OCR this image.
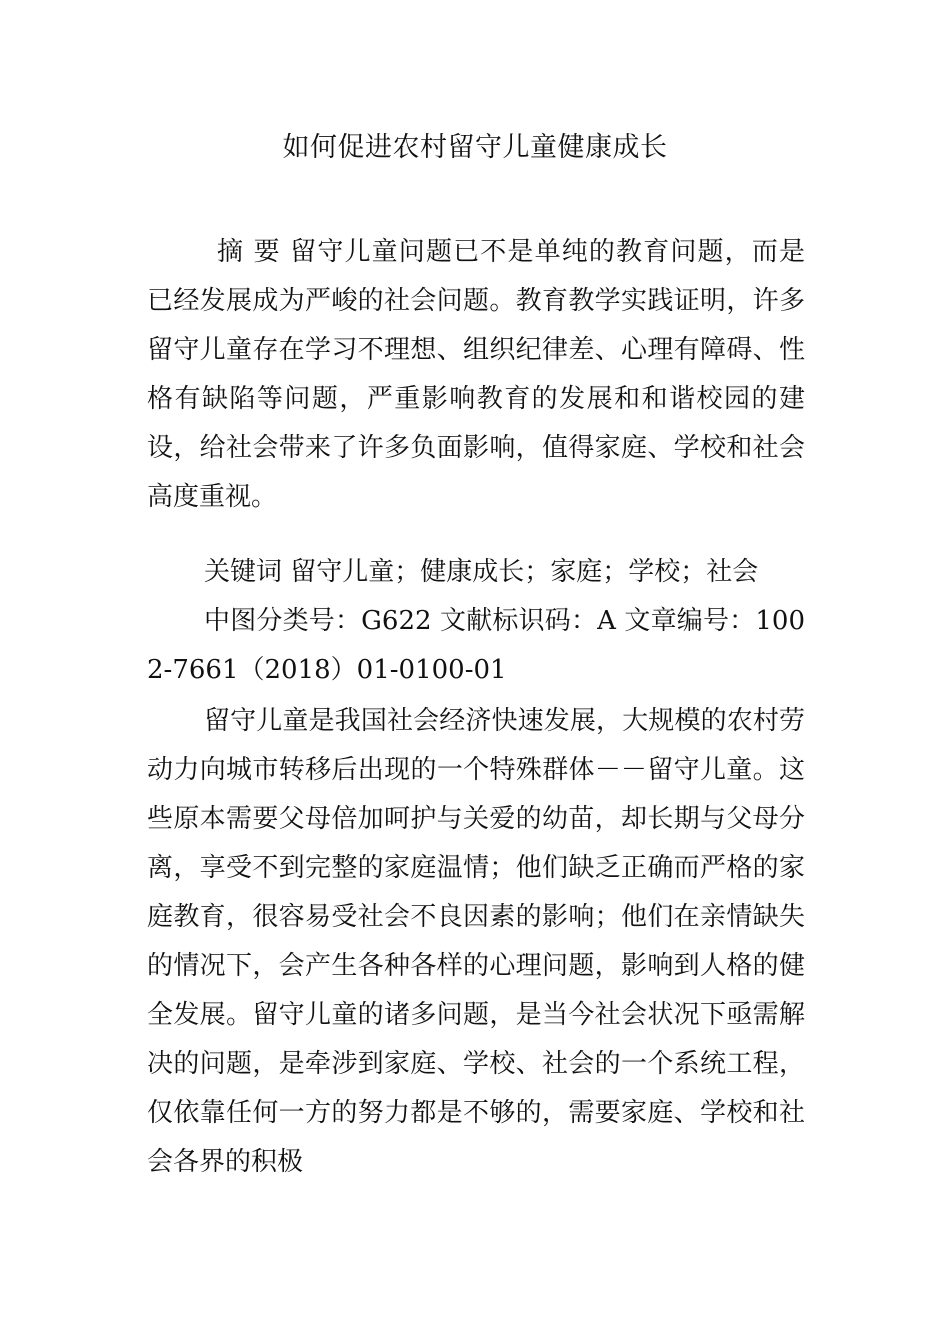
如何促进农村留守儿童健康成长
摘 要 留守儿童问题已不是单纯的教育问题，而是已经发展成为严峻的社会问题。教育教学实践证明，许多留守儿童存在学习不理想、组织纪律差、心理有障碍、性格有缺陷等问题，严重影响教育的发展和和谐校园的建设，给社会带来了许多负面影响，值得家庭、学校和社会高度重视。
关键词 留守儿童；健康成长；家庭；学校；社会
中图分类号：G622 文献标识码：A 文章编号：1002-7661（2018）01-0100-01
留守儿童是我国社会经济快速发展，大规模的农村劳动力向城市转移后出现的一个特殊群体－－留守儿童。这些原本需要父母倍加呵护与关爱的幼苗，却长期与父母分离，享受不到完整的家庭温情；他们缺乏正确而严格的家庭教育，很容易受社会不良因素的影响；他们在亲情缺失的情况下，会产生各种各样的心理问题，影响到人格的健全发展。留守儿童的诸多问题，是当今社会状况下亟需解决的问题，是牵涉到家庭、学校、社会的一个系统工程，仅依靠任何一方的努力都是不够的，需要家庭、学校和社会各界的积极
